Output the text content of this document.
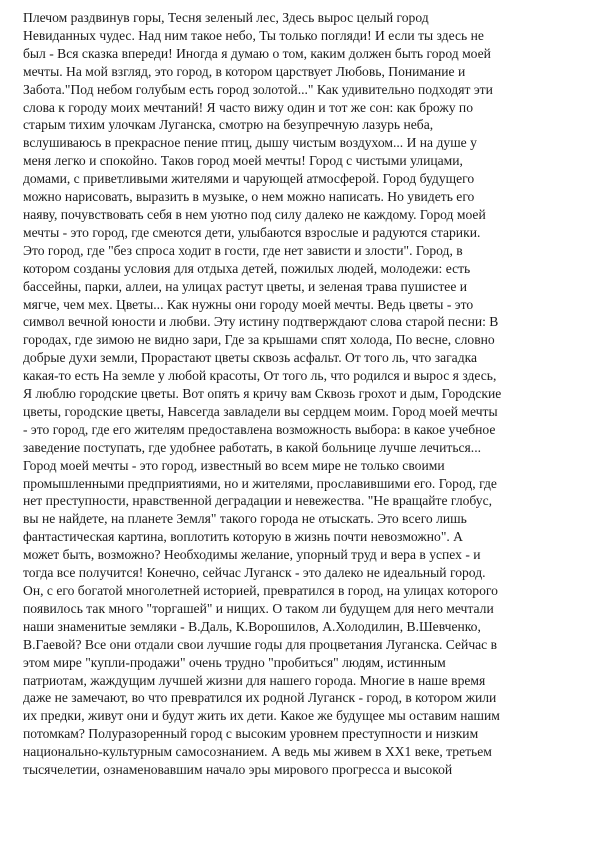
Плечом раздвинув горы, Тесня зеленый лес, Здесь вырос целый город
Невиданных чудес. Над ним такое небо, Ты только погляди! И если ты здесь не
был - Вся сказка впереди! Иногда я думаю о том, каким должен быть город моей
мечты. На мой взгляд, это город, в котором царствует Любовь, Понимание и
Забота."Под небом голубым есть город золотой..." Как удивительно подходят эти
слова к городу моих мечтаний! Я часто вижу один и тот же сон: как брожу по
старым тихим улочкам Луганска, смотрю на безупречную лазурь неба,
вслушиваюсь в прекрасное пение птиц, дышу чистым воздухом... И на душе у
меня легко и спокойно. Таков город моей мечты! Город с чистыми улицами,
домами, с приветливыми жителями и чарующей атмосферой. Город будущего
можно нарисовать, выразить в музыке, о нем можно написать. Но увидеть его
наяву, почувствовать себя в нем уютно под силу далеко не каждому. Город моей
мечты - это город, где смеются дети, улыбаются взрослые и радуются старики.
Это город, где "без спроса ходит в гости, где нет зависти и злости". Город, в
котором созданы условия для отдыха детей, пожилых людей, молодежи: есть
бассейны, парки, аллеи, на улицах растут цветы, и зеленая трава пушистее и
мягче, чем мех. Цветы... Как нужны они городу моей мечты. Ведь цветы - это
символ вечной юности и любви. Эту истину подтверждают слова старой песни: В
городах, где зимою не видно зари, Где за крышами спят холода, По весне, словно
добрые духи земли, Прорастают цветы сквозь асфальт. От того ль, что загадка
какая-то есть На земле у любой красоты, От того ль, что родился и вырос я здесь,
Я люблю городские цветы. Вот опять я кричу вам Сквозь грохот и дым, Городские
цветы, городские цветы, Навсегда завладели вы сердцем моим. Город моей мечты
- это город, где его жителям предоставлена возможность выбора: в какое учебное
заведение поступать, где удобнее работать, в какой больнице лучше лечиться...
Город моей мечты - это город, известный во всем мире не только своими
промышленными предприятиями, но и жителями, прославившими его. Город, где
нет преступности, нравственной деградации и невежества. "Не вращайте глобус,
вы не найдете, на планете Земля" такого города не отыскать. Это всего лишь
фантастическая картина, воплотить которую в жизнь почти невозможно". А
может быть, возможно? Необходимы желание, упорный труд и вера в успех - и
тогда все получится! Конечно, сейчас Луганск - это далеко не идеальный город.
Он, с его богатой многолетней историей, превратился в город, на улицах которого
появилось так много "торгашей" и нищих. О таком ли будущем для него мечтали
наши знаменитые земляки - В.Даль, К.Ворошилов, А.Холодилин, В.Шевченко,
В.Гаевой? Все они отдали свои лучшие годы для процветания Луганска. Сейчас в
этом мире "купли-продажи" очень трудно "пробиться" людям, истинным
патриотам, жаждущим лучшей жизни для нашего города. Многие в наше время
даже не замечают, во что превратился их родной Луганск - город, в котором жили
их предки, живут они и будут жить их дети. Какое же будущее мы оставим нашим
потомкам? Полуразоренный город с высоким уровнем преступности и низким
национально-культурным самосознанием. А ведь мы живем в XX1 веке, третьем
тысячелетии, ознаменовавшим начало эры мирового прогресса и высокой
